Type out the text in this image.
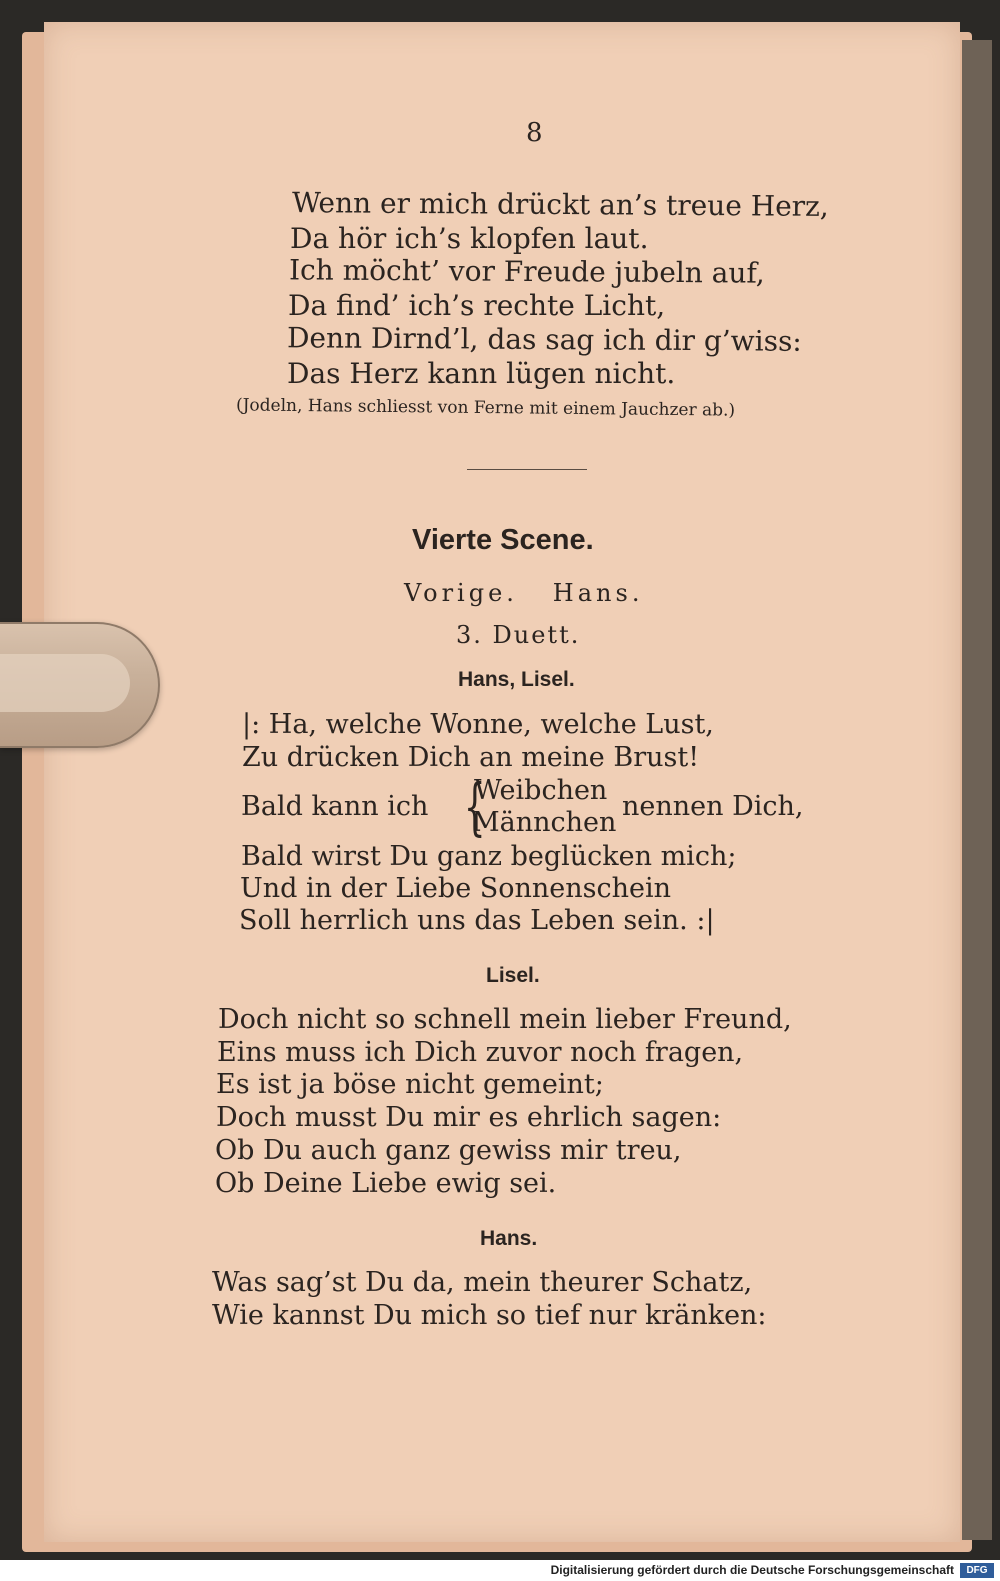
8
Wenn er mich drückt an’s treue Herz,
Da hör ich’s klopfen laut.
Ich möcht’ vor Freude jubeln auf,
Da find’ ich’s rechte Licht,
Denn Dirnd’l, das sag ich dir g’wiss:
Das Herz kann lügen nicht.
(Jodeln, Hans schliesst von Ferne mit einem Jauchzer ab.)
Vierte Scene.
Vorige.   Hans.
3. Duett.
Hans, Lisel.
|: Ha, welche Wonne, welche Lust,
Zu drücken Dich an meine Brust!
Bald kann ich {
Weibchen
Männchen
nennen Dich,
Bald wirst Du ganz beglücken mich;
Und in der Liebe Sonnenschein
Soll herrlich uns das Leben sein. :|
Lisel.
Doch nicht so schnell mein lieber Freund,
Eins muss ich Dich zuvor noch fragen,
Es ist ja böse nicht gemeint;
Doch musst Du mir es ehrlich sagen:
Ob Du auch ganz gewiss mir treu,
Ob Deine Liebe ewig sei.
Hans.
Was sag’st Du da, mein theurer Schatz,
Wie kannst Du mich so tief nur kränken:
Digitalisierung gefördert durch die Deutsche Forschungsgemeinschaft	DFG
